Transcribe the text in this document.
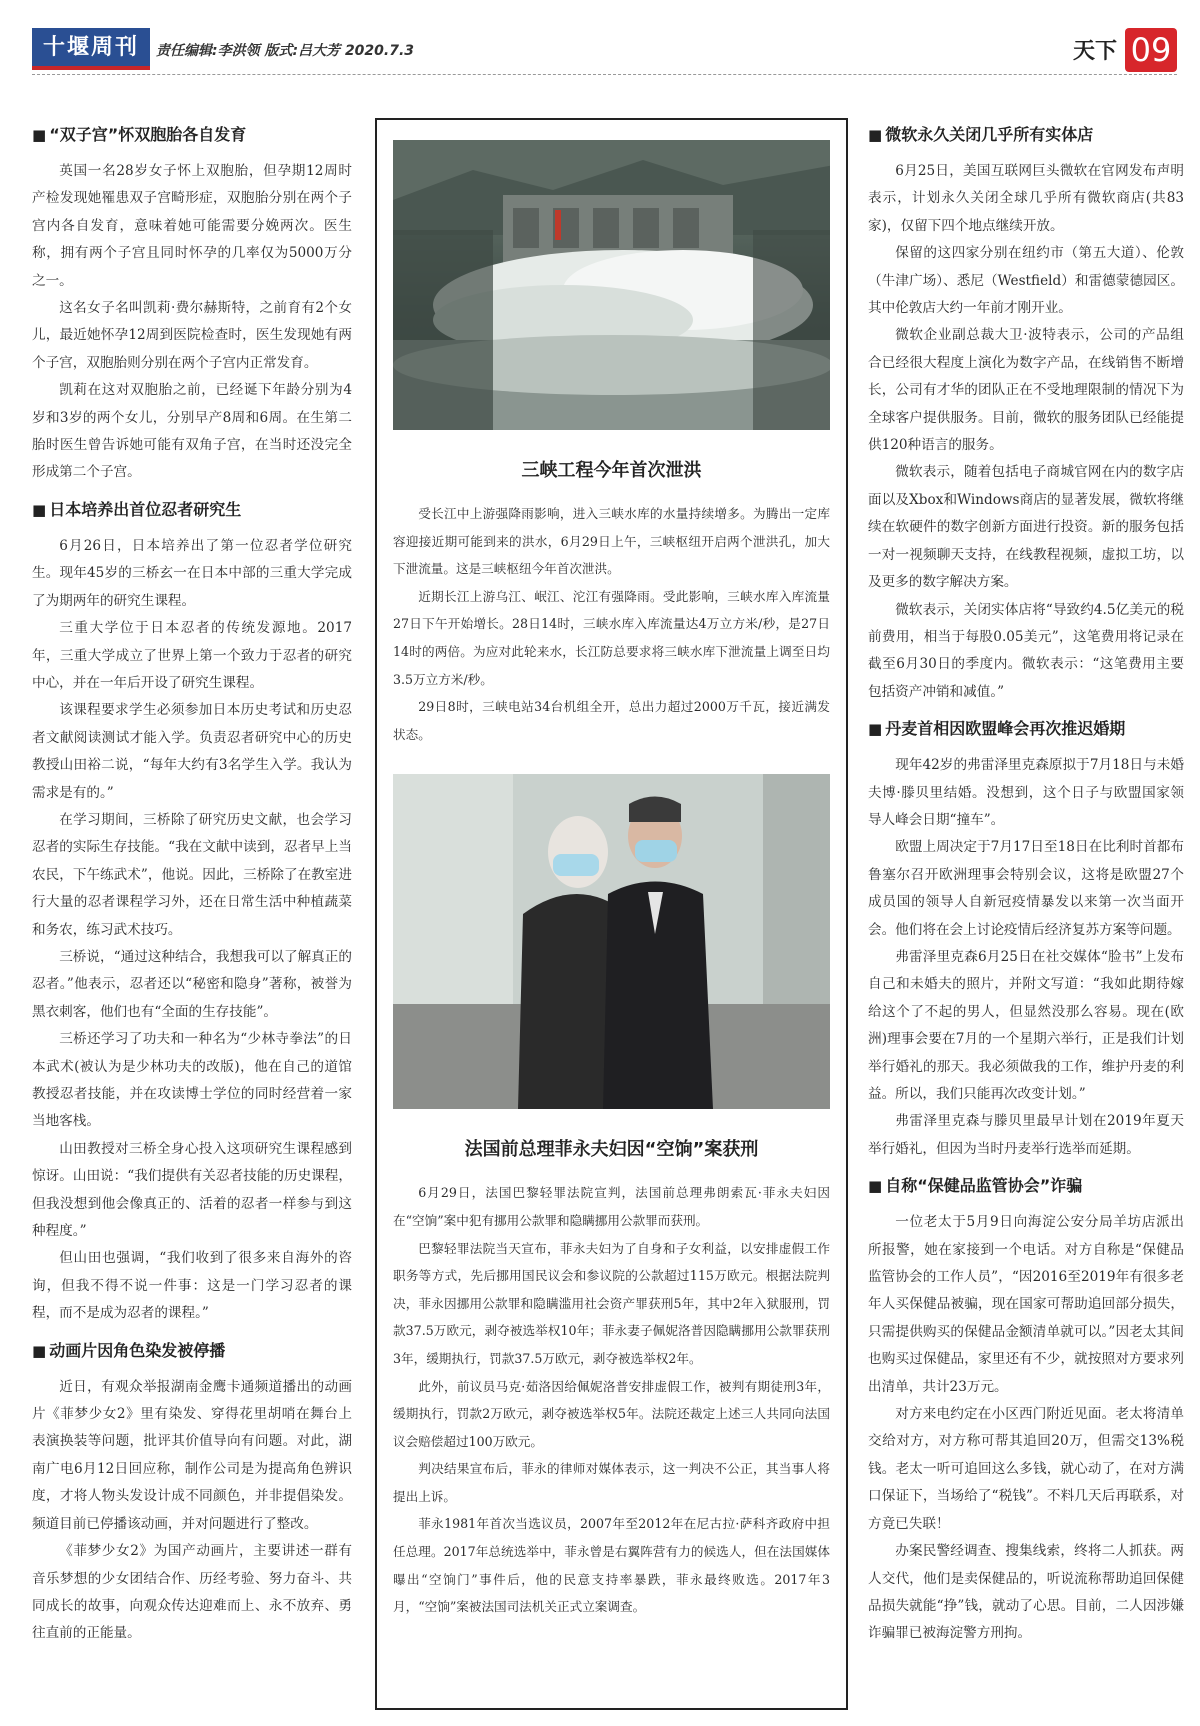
十堰周刊	责任编辑:李洪领 版式:吕大芳 2020.7.3	天下 09
■ “双子宫”怀双胞胎各自发育

英国一名28岁女子怀上双胞胎，但孕期12周时产检发现她罹患双子宫畸形症，双胞胎分别在两个子宫内各自发育，意味着她可能需要分娩两次。医生称，拥有两个子宫且同时怀孕的几率仅为5000万分之一。

这名女子名叫凯莉·费尔赫斯特，之前育有2个女儿，最近她怀孕12周到医院检查时，医生发现她有两个子宫，双胞胎则分别在两个子宫内正常发育。

凯莉在这对双胞胎之前，已经诞下年龄分别为4岁和3岁的两个女儿，分别早产8周和6周。在生第二胎时医生曾告诉她可能有双角子宫，在当时还没完全形成第二个子宫。

■ 日本培养出首位忍者研究生

6月26日，日本培养出了第一位忍者学位研究生。现年45岁的三桥玄一在日本中部的三重大学完成了为期两年的研究生课程。

三重大学位于日本忍者的传统发源地。2017年，三重大学成立了世界上第一个致力于忍者的研究中心，并在一年后开设了研究生课程。

该课程要求学生必须参加日本历史考试和历史忍者文献阅读测试才能入学。负责忍者研究中心的历史教授山田裕二说，“每年大约有3名学生入学。我认为需求是有的。”

在学习期间，三桥除了研究历史文献，也会学习忍者的实际生存技能。“我在文献中读到，忍者早上当农民，下午练武术”，他说。因此，三桥除了在教室进行大量的忍者课程学习外，还在日常生活中种植蔬菜和务农，练习武术技巧。

三桥说，“通过这种结合，我想我可以了解真正的忍者。”他表示，忍者还以“秘密和隐身”著称，被誉为黑衣刺客，他们也有“全面的生存技能”。

三桥还学习了功夫和一种名为“少林寺拳法”的日本武术(被认为是少林功夫的改版)，他在自己的道馆教授忍者技能，并在攻读博士学位的同时经营着一家当地客栈。

山田教授对三桥全身心投入这项研究生课程感到惊讶。山田说：“我们提供有关忍者技能的历史课程，但我没想到他会像真正的、活着的忍者一样参与到这种程度。”

但山田也强调，“我们收到了很多来自海外的咨询，但我不得不说一件事：这是一门学习忍者的课程，而不是成为忍者的课程。”

■ 动画片因角色染发被停播

近日，有观众举报湖南金鹰卡通频道播出的动画片《菲梦少女2》里有染发、穿得花里胡哨在舞台上表演换装等问题，批评其价值导向有问题。对此，湖南广电6月12日回应称，制作公司是为提高角色辨识度，才将人物头发设计成不同颜色，并非提倡染发。频道目前已停播该动画，并对问题进行了整改。

《菲梦少女2》为国产动画片，主要讲述一群有音乐梦想的少女团结合作、历经考验、努力奋斗、共同成长的故事，向观众传达迎难而上、永不放弃、勇往直前的正能量。

三峡工程今年首次泄洪

受长江中上游强降雨影响，进入三峡水库的水量持续增多。为腾出一定库容迎接近期可能到来的洪水，6月29日上午，三峡枢纽开启两个泄洪孔，加大下泄流量。这是三峡枢纽今年首次泄洪。

近期长江上游乌江、岷江、沱江有强降雨。受此影响，三峡水库入库流量27日下午开始增长。28日14时，三峡水库入库流量达4万立方米/秒，是27日14时的两倍。为应对此轮来水，长江防总要求将三峡水库下泄流量上调至日均3.5万立方米/秒。

29日8时，三峡电站34台机组全开，总出力超过2000万千瓦，接近满发状态。

法国前总理菲永夫妇因“空饷”案获刑

6月29日，法国巴黎轻罪法院宣判，法国前总理弗朗索瓦·菲永夫妇因在“空饷”案中犯有挪用公款罪和隐瞒挪用公款罪而获刑。

巴黎轻罪法院当天宣布，菲永夫妇为了自身和子女利益，以安排虚假工作职务等方式，先后挪用国民议会和参议院的公款超过115万欧元。根据法院判决，菲永因挪用公款罪和隐瞒滥用社会资产罪获刑5年，其中2年入狱服刑，罚款37.5万欧元，剥夺被选举权10年；菲永妻子佩妮洛普因隐瞒挪用公款罪获刑3年，缓期执行，罚款37.5万欧元，剥夺被选举权2年。

此外，前议员马克·茹洛因给佩妮洛普安排虚假工作，被判有期徒刑3年，缓期执行，罚款2万欧元，剥夺被选举权5年。法院还裁定上述三人共同向法国议会赔偿超过100万欧元。

判决结果宣布后，菲永的律师对媒体表示，这一判决不公正，其当事人将提出上诉。

菲永1981年首次当选议员，2007年至2012年在尼古拉·萨科齐政府中担任总理。2017年总统选举中，菲永曾是右翼阵营有力的候选人，但在法国媒体曝出“空饷门”事件后，他的民意支持率暴跌，菲永最终败选。2017年3月，“空饷”案被法国司法机关正式立案调查。

■ 微软永久关闭几乎所有实体店

6月25日，美国互联网巨头微软在官网发布声明表示，计划永久关闭全球几乎所有微软商店(共83家)，仅留下四个地点继续开放。

保留的这四家分别在纽约市（第五大道）、伦敦（牛津广场）、悉尼（Westfield）和雷德蒙德园区。其中伦敦店大约一年前才刚开业。

微软企业副总裁大卫·波特表示，公司的产品组合已经很大程度上演化为数字产品，在线销售不断增长，公司有才华的团队正在不受地理限制的情况下为全球客户提供服务。目前，微软的服务团队已经能提供120种语言的服务。

微软表示，随着包括电子商城官网在内的数字店面以及Xbox和Windows商店的显著发展，微软将继续在软硬件的数字创新方面进行投资。新的服务包括一对一视频聊天支持，在线教程视频，虚拟工坊，以及更多的数字解决方案。

微软表示，关闭实体店将“导致约4.5亿美元的税前费用，相当于每股0.05美元”，这笔费用将记录在截至6月30日的季度内。微软表示：“这笔费用主要包括资产冲销和减值。”

■ 丹麦首相因欧盟峰会再次推迟婚期

现年42岁的弗雷泽里克森原拟于7月18日与未婚夫博·滕贝里结婚。没想到，这个日子与欧盟国家领导人峰会日期“撞车”。

欧盟上周决定于7月17日至18日在比利时首都布鲁塞尔召开欧洲理事会特别会议，这将是欧盟27个成员国的领导人自新冠疫情暴发以来第一次当面开会。他们将在会上讨论疫情后经济复苏方案等问题。

弗雷泽里克森6月25日在社交媒体“脸书”上发布自己和未婚夫的照片，并附文写道：“我如此期待嫁给这个了不起的男人，但显然没那么容易。现在(欧洲)理事会要在7月的一个星期六举行，正是我们计划举行婚礼的那天。我必须做我的工作，维护丹麦的利益。所以，我们只能再次改变计划。”

弗雷泽里克森与滕贝里最早计划在2019年夏天举行婚礼，但因为当时丹麦举行选举而延期。

■ 自称“保健品监管协会”诈骗

一位老太于5月9日向海淀公安分局羊坊店派出所报警，她在家接到一个电话。对方自称是“保健品监管协会的工作人员”，“因2016至2019年有很多老年人买保健品被骗，现在国家可帮助追回部分损失，只需提供购买的保健品金额清单就可以。”因老太其间也购买过保健品，家里还有不少，就按照对方要求列出清单，共计23万元。

对方来电约定在小区西门附近见面。老太将清单交给对方，对方称可帮其追回20万，但需交13%税钱。老太一听可追回这么多钱，就心动了，在对方满口保证下，当场给了“税钱”。不料几天后再联系，对方竟已失联！

办案民警经调查、搜集线索，终将二人抓获。两人交代，他们是卖保健品的，听说流称帮助追回保健品损失就能“挣”钱，就动了心思。目前，二人因涉嫌诈骗罪已被海淀警方刑拘。
